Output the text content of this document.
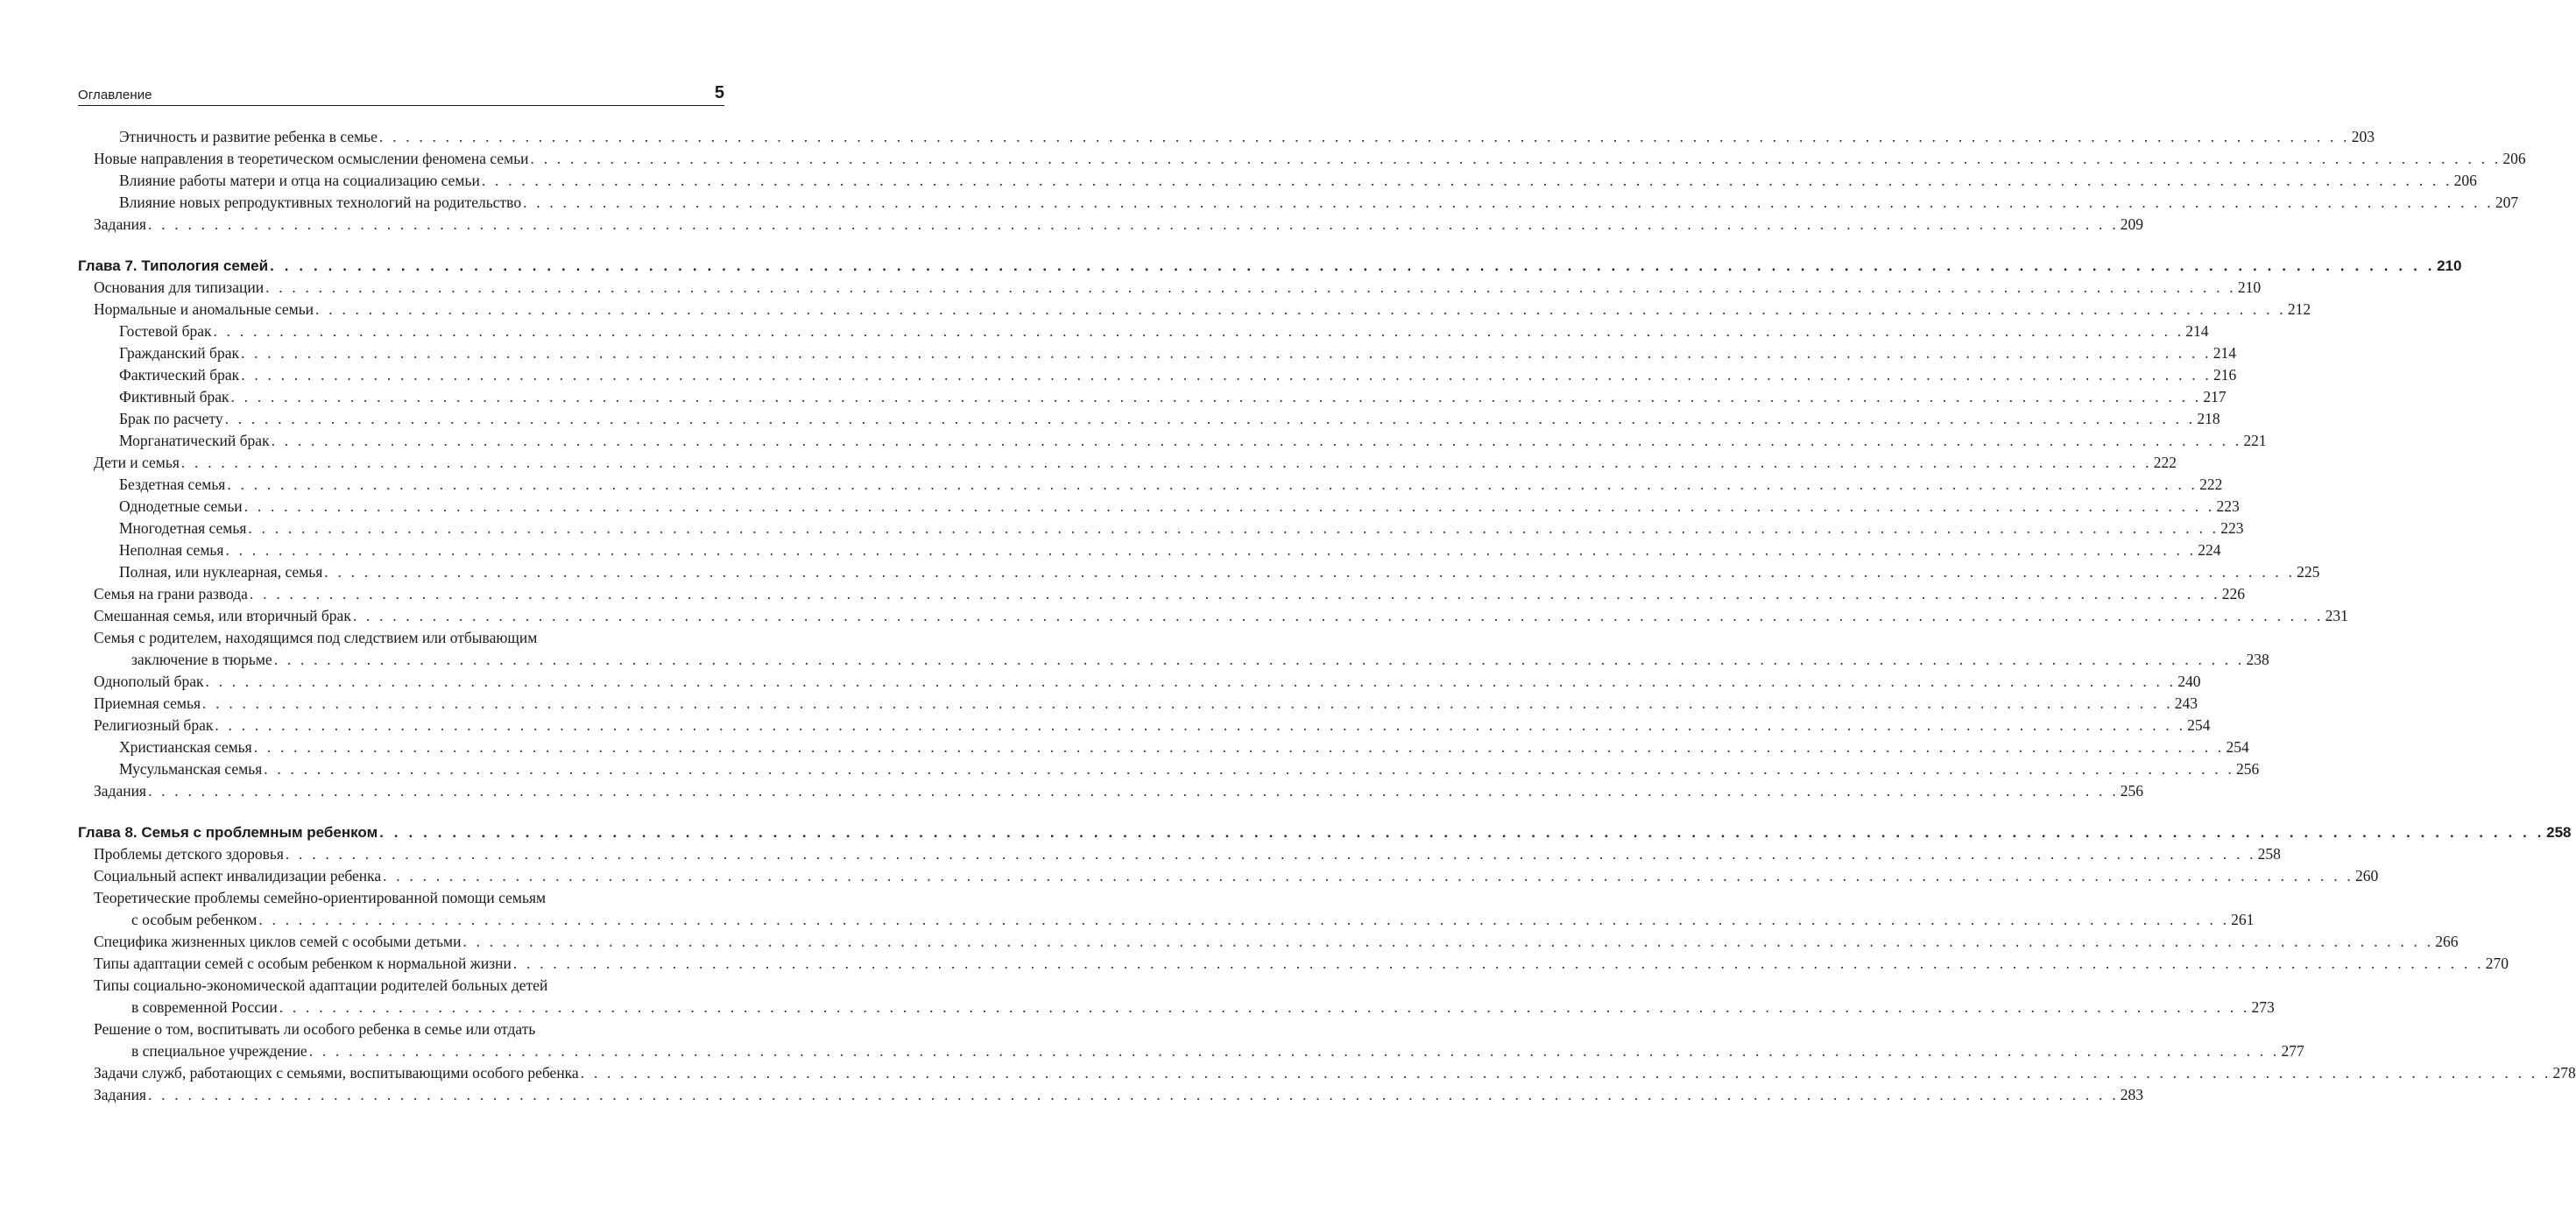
Оглавление	5
Этничность и развитие ребенка в семье . . . . . . . . . . . . . . . . . . . . . . . . . . . . . . . . . . . . . . . . . . . . . . . . . . . . . . . . . . . . . . . . . . . . . . . . . . . . . . . . . . . . . . . . . . . . . . . . . . . . . . . . . . . . . . . . . . . . . . . . . . . . . . . . . . . . . . . . . . . . . . . . . . . . . 203
Новые направления в теоретическом осмыслении феномена семьи . . . . . . . . . . . . . . . . . . . . . . . . . . . . . . . . . . . . . . . . . . . . . . . . . . . . . . . . . . . . . . . . . . . . . . . . . . . . . . . . . . . . . . . . . . . . . . . . . . . . . . . . . . . . . . . . . . . . . . . . . . . . . . . . . . . . . . . . . . . . . . . . . . . . . 206
Влияние работы матери и отца на социализацию семьи . . . . . . . . . . . . . . . . . . . . . . . . . . . . . . . . . . . . . . . . . . . . . . . . . . . . . . . . . . . . . . . . . . . . . . . . . . . . . . . . . . . . . . . . . . . . . . . . . . . . . . . . . . . . . . . . . . . . . . . . . . . . . . . . . . . . . . . . . . . . . . . . . . . . . 206
Влияние новых репродуктивных технологий на родительство . . . . . . . . . . . . . . . . . . . . . . . . . . . . . . . . . . . . . . . . . . . . . . . . . . . . . . . . . . . . . . . . . . . . . . . . . . . . . . . . . . . . . . . . . . . . . . . . . . . . . . . . . . . . . . . . . . . . . . . . . . . . . . . . . . . . . . . . . . . . . . . . . . . . . 207
Задания . . . . . . . . . . . . . . . . . . . . . . . . . . . . . . . . . . . . . . . . . . . . . . . . . . . . . . . . . . . . . . . . . . . . . . . . . . . . . . . . . . . . . . . . . . . . . . . . . . . . . . . . . . . . . . . . . . . . . . . . . . . . . . . . . . . . . . . . . . . . . . . . . . . . . 209
Глава 7. Типология семей . . . . . . . . . . . . . . . . . . . . . . . . . . . . . . . . . . . . . . . . . . . . . . . . . . . . . . . . . . . . . . . . . . . . . . . . . . . . . . . . . . . . . . . . . . . . . . . . . . . . . . . . . . . . . . . . . . . . . . . . . . . . . . . . . . . . . . . . . . . . . . . . . . . . . 210
Основания для типизации . . . . . . . . . . . . . . . . . . . . . . . . . . . . . . . . . . . . . . . . . . . . . . . . . . . . . . . . . . . . . . . . . . . . . . . . . . . . . . . . . . . . . . . . . . . . . . . . . . . . . . . . . . . . . . . . . . . . . . . . . . . . . . . . . . . . . . . . . . . . . . . . . . . . . 210
Нормальные и аномальные семьи . . . . . . . . . . . . . . . . . . . . . . . . . . . . . . . . . . . . . . . . . . . . . . . . . . . . . . . . . . . . . . . . . . . . . . . . . . . . . . . . . . . . . . . . . . . . . . . . . . . . . . . . . . . . . . . . . . . . . . . . . . . . . . . . . . . . . . . . . . . . . . . . . . . . . 212
Гостевой брак . . . . . . . . . . . . . . . . . . . . . . . . . . . . . . . . . . . . . . . . . . . . . . . . . . . . . . . . . . . . . . . . . . . . . . . . . . . . . . . . . . . . . . . . . . . . . . . . . . . . . . . . . . . . . . . . . . . . . . . . . . . . . . . . . . . . . . . . . . . . . . . . . . . . . 214
Гражданский брак . . . . . . . . . . . . . . . . . . . . . . . . . . . . . . . . . . . . . . . . . . . . . . . . . . . . . . . . . . . . . . . . . . . . . . . . . . . . . . . . . . . . . . . . . . . . . . . . . . . . . . . . . . . . . . . . . . . . . . . . . . . . . . . . . . . . . . . . . . . . . . . . . . . . . 214
Фактический брак . . . . . . . . . . . . . . . . . . . . . . . . . . . . . . . . . . . . . . . . . . . . . . . . . . . . . . . . . . . . . . . . . . . . . . . . . . . . . . . . . . . . . . . . . . . . . . . . . . . . . . . . . . . . . . . . . . . . . . . . . . . . . . . . . . . . . . . . . . . . . . . . . . . . . 216
Фиктивный брак . . . . . . . . . . . . . . . . . . . . . . . . . . . . . . . . . . . . . . . . . . . . . . . . . . . . . . . . . . . . . . . . . . . . . . . . . . . . . . . . . . . . . . . . . . . . . . . . . . . . . . . . . . . . . . . . . . . . . . . . . . . . . . . . . . . . . . . . . . . . . . . . . . . . . 217
Брак по расчету . . . . . . . . . . . . . . . . . . . . . . . . . . . . . . . . . . . . . . . . . . . . . . . . . . . . . . . . . . . . . . . . . . . . . . . . . . . . . . . . . . . . . . . . . . . . . . . . . . . . . . . . . . . . . . . . . . . . . . . . . . . . . . . . . . . . . . . . . . . . . . . . . . . . . 218
Морганатический брак . . . . . . . . . . . . . . . . . . . . . . . . . . . . . . . . . . . . . . . . . . . . . . . . . . . . . . . . . . . . . . . . . . . . . . . . . . . . . . . . . . . . . . . . . . . . . . . . . . . . . . . . . . . . . . . . . . . . . . . . . . . . . . . . . . . . . . . . . . . . . . . . . . . . . 221
Дети и семья . . . . . . . . . . . . . . . . . . . . . . . . . . . . . . . . . . . . . . . . . . . . . . . . . . . . . . . . . . . . . . . . . . . . . . . . . . . . . . . . . . . . . . . . . . . . . . . . . . . . . . . . . . . . . . . . . . . . . . . . . . . . . . . . . . . . . . . . . . . . . . . . . . . . . 222
Бездетная семья . . . . . . . . . . . . . . . . . . . . . . . . . . . . . . . . . . . . . . . . . . . . . . . . . . . . . . . . . . . . . . . . . . . . . . . . . . . . . . . . . . . . . . . . . . . . . . . . . . . . . . . . . . . . . . . . . . . . . . . . . . . . . . . . . . . . . . . . . . . . . . . . . . . . . 222
Однодетные семьи . . . . . . . . . . . . . . . . . . . . . . . . . . . . . . . . . . . . . . . . . . . . . . . . . . . . . . . . . . . . . . . . . . . . . . . . . . . . . . . . . . . . . . . . . . . . . . . . . . . . . . . . . . . . . . . . . . . . . . . . . . . . . . . . . . . . . . . . . . . . . . . . . . . . . 223
Многодетная семья . . . . . . . . . . . . . . . . . . . . . . . . . . . . . . . . . . . . . . . . . . . . . . . . . . . . . . . . . . . . . . . . . . . . . . . . . . . . . . . . . . . . . . . . . . . . . . . . . . . . . . . . . . . . . . . . . . . . . . . . . . . . . . . . . . . . . . . . . . . . . . . . . . . . . 223
Неполная семья . . . . . . . . . . . . . . . . . . . . . . . . . . . . . . . . . . . . . . . . . . . . . . . . . . . . . . . . . . . . . . . . . . . . . . . . . . . . . . . . . . . . . . . . . . . . . . . . . . . . . . . . . . . . . . . . . . . . . . . . . . . . . . . . . . . . . . . . . . . . . . . . . . . . . 224
Полная, или нуклеарная, семья . . . . . . . . . . . . . . . . . . . . . . . . . . . . . . . . . . . . . . . . . . . . . . . . . . . . . . . . . . . . . . . . . . . . . . . . . . . . . . . . . . . . . . . . . . . . . . . . . . . . . . . . . . . . . . . . . . . . . . . . . . . . . . . . . . . . . . . . . . . . . . . . . . . . . 225
Семья на грани развода . . . . . . . . . . . . . . . . . . . . . . . . . . . . . . . . . . . . . . . . . . . . . . . . . . . . . . . . . . . . . . . . . . . . . . . . . . . . . . . . . . . . . . . . . . . . . . . . . . . . . . . . . . . . . . . . . . . . . . . . . . . . . . . . . . . . . . . . . . . . . . . . . . . . . 226
Смешанная семья, или вторичный брак . . . . . . . . . . . . . . . . . . . . . . . . . . . . . . . . . . . . . . . . . . . . . . . . . . . . . . . . . . . . . . . . . . . . . . . . . . . . . . . . . . . . . . . . . . . . . . . . . . . . . . . . . . . . . . . . . . . . . . . . . . . . . . . . . . . . . . . . . . . . . . . . . . . . . 231
Семья с родителем, находящимся под следствием или отбывающим
заключение в тюрьме . . . . . . . . . . . . . . . . . . . . . . . . . . . . . . . . . . . . . . . . . . . . . . . . . . . . . . . . . . . . . . . . . . . . . . . . . . . . . . . . . . . . . . . . . . . . . . . . . . . . . . . . . . . . . . . . . . . . . . . . . . . . . . . . . . . . . . . . . . . . . . . . . . . . . 238
Однополый брак . . . . . . . . . . . . . . . . . . . . . . . . . . . . . . . . . . . . . . . . . . . . . . . . . . . . . . . . . . . . . . . . . . . . . . . . . . . . . . . . . . . . . . . . . . . . . . . . . . . . . . . . . . . . . . . . . . . . . . . . . . . . . . . . . . . . . . . . . . . . . . . . . . . . . 240
Приемная семья . . . . . . . . . . . . . . . . . . . . . . . . . . . . . . . . . . . . . . . . . . . . . . . . . . . . . . . . . . . . . . . . . . . . . . . . . . . . . . . . . . . . . . . . . . . . . . . . . . . . . . . . . . . . . . . . . . . . . . . . . . . . . . . . . . . . . . . . . . . . . . . . . . . . . 243
Религиозный брак . . . . . . . . . . . . . . . . . . . . . . . . . . . . . . . . . . . . . . . . . . . . . . . . . . . . . . . . . . . . . . . . . . . . . . . . . . . . . . . . . . . . . . . . . . . . . . . . . . . . . . . . . . . . . . . . . . . . . . . . . . . . . . . . . . . . . . . . . . . . . . . . . . . . . 254
Христианская семья . . . . . . . . . . . . . . . . . . . . . . . . . . . . . . . . . . . . . . . . . . . . . . . . . . . . . . . . . . . . . . . . . . . . . . . . . . . . . . . . . . . . . . . . . . . . . . . . . . . . . . . . . . . . . . . . . . . . . . . . . . . . . . . . . . . . . . . . . . . . . . . . . . . . . 254
Мусульманская семья . . . . . . . . . . . . . . . . . . . . . . . . . . . . . . . . . . . . . . . . . . . . . . . . . . . . . . . . . . . . . . . . . . . . . . . . . . . . . . . . . . . . . . . . . . . . . . . . . . . . . . . . . . . . . . . . . . . . . . . . . . . . . . . . . . . . . . . . . . . . . . . . . . . . . 256
Задания . . . . . . . . . . . . . . . . . . . . . . . . . . . . . . . . . . . . . . . . . . . . . . . . . . . . . . . . . . . . . . . . . . . . . . . . . . . . . . . . . . . . . . . . . . . . . . . . . . . . . . . . . . . . . . . . . . . . . . . . . . . . . . . . . . . . . . . . . . . . . . . . . . . . . 256
Глава 8. Семья с проблемным ребенком . . . . . . . . . . . . . . . . . . . . . . . . . . . . . . . . . . . . . . . . . . . . . . . . . . . . . . . . . . . . . . . . . . . . . . . . . . . . . . . . . . . . . . . . . . . . . . . . . . . . . . . . . . . . . . . . . . . . . . . . . . . . . . . . . . . . . . . . . . . . . . . . . . . . . 258
Проблемы детского здоровья . . . . . . . . . . . . . . . . . . . . . . . . . . . . . . . . . . . . . . . . . . . . . . . . . . . . . . . . . . . . . . . . . . . . . . . . . . . . . . . . . . . . . . . . . . . . . . . . . . . . . . . . . . . . . . . . . . . . . . . . . . . . . . . . . . . . . . . . . . . . . . . . . . . . . 258
Социальный аспект инвалидизации ребенка . . . . . . . . . . . . . . . . . . . . . . . . . . . . . . . . . . . . . . . . . . . . . . . . . . . . . . . . . . . . . . . . . . . . . . . . . . . . . . . . . . . . . . . . . . . . . . . . . . . . . . . . . . . . . . . . . . . . . . . . . . . . . . . . . . . . . . . . . . . . . . . . . . . . . 260
Теоретические проблемы семейно-ориентированной помощи семьям
с особым ребенком . . . . . . . . . . . . . . . . . . . . . . . . . . . . . . . . . . . . . . . . . . . . . . . . . . . . . . . . . . . . . . . . . . . . . . . . . . . . . . . . . . . . . . . . . . . . . . . . . . . . . . . . . . . . . . . . . . . . . . . . . . . . . . . . . . . . . . . . . . . . . . . . . . . . . 261
Специфика жизненных циклов семей с особыми детьми . . . . . . . . . . . . . . . . . . . . . . . . . . . . . . . . . . . . . . . . . . . . . . . . . . . . . . . . . . . . . . . . . . . . . . . . . . . . . . . . . . . . . . . . . . . . . . . . . . . . . . . . . . . . . . . . . . . . . . . . . . . . . . . . . . . . . . . . . . . . . . . . . . . . . 266
Типы адаптации семей с особым ребенком к нормальной жизни . . . . . . . . . . . . . . . . . . . . . . . . . . . . . . . . . . . . . . . . . . . . . . . . . . . . . . . . . . . . . . . . . . . . . . . . . . . . . . . . . . . . . . . . . . . . . . . . . . . . . . . . . . . . . . . . . . . . . . . . . . . . . . . . . . . . . . . . . . . . . . . . . . . . . 270
Типы социально-экономической адаптации родителей больных детей
в современной России . . . . . . . . . . . . . . . . . . . . . . . . . . . . . . . . . . . . . . . . . . . . . . . . . . . . . . . . . . . . . . . . . . . . . . . . . . . . . . . . . . . . . . . . . . . . . . . . . . . . . . . . . . . . . . . . . . . . . . . . . . . . . . . . . . . . . . . . . . . . . . . . . . . . . 273
Решение о том, воспитывать ли особого ребенка в семье или отдать
в специальное учреждение . . . . . . . . . . . . . . . . . . . . . . . . . . . . . . . . . . . . . . . . . . . . . . . . . . . . . . . . . . . . . . . . . . . . . . . . . . . . . . . . . . . . . . . . . . . . . . . . . . . . . . . . . . . . . . . . . . . . . . . . . . . . . . . . . . . . . . . . . . . . . . . . . . . . . 277
Задачи служб, работающих с семьями, воспитывающими особого ребенка . . . . . . . . . . . . . . . . . . . . . . . . . . . . . . . . . . . . . . . . . . . . . . . . . . . . . . . . . . . . . . . . . . . . . . . . . . . . . . . . . . . . . . . . . . . . . . . . . . . . . . . . . . . . . . . . . . . . . . . . . . . . . . . . . . . . . . . . . . . . . . . . . . . . . 278
Задания . . . . . . . . . . . . . . . . . . . . . . . . . . . . . . . . . . . . . . . . . . . . . . . . . . . . . . . . . . . . . . . . . . . . . . . . . . . . . . . . . . . . . . . . . . . . . . . . . . . . . . . . . . . . . . . . . . . . . . . . . . . . . . . . . . . . . . . . . . . . . . . . . . . . . 283
